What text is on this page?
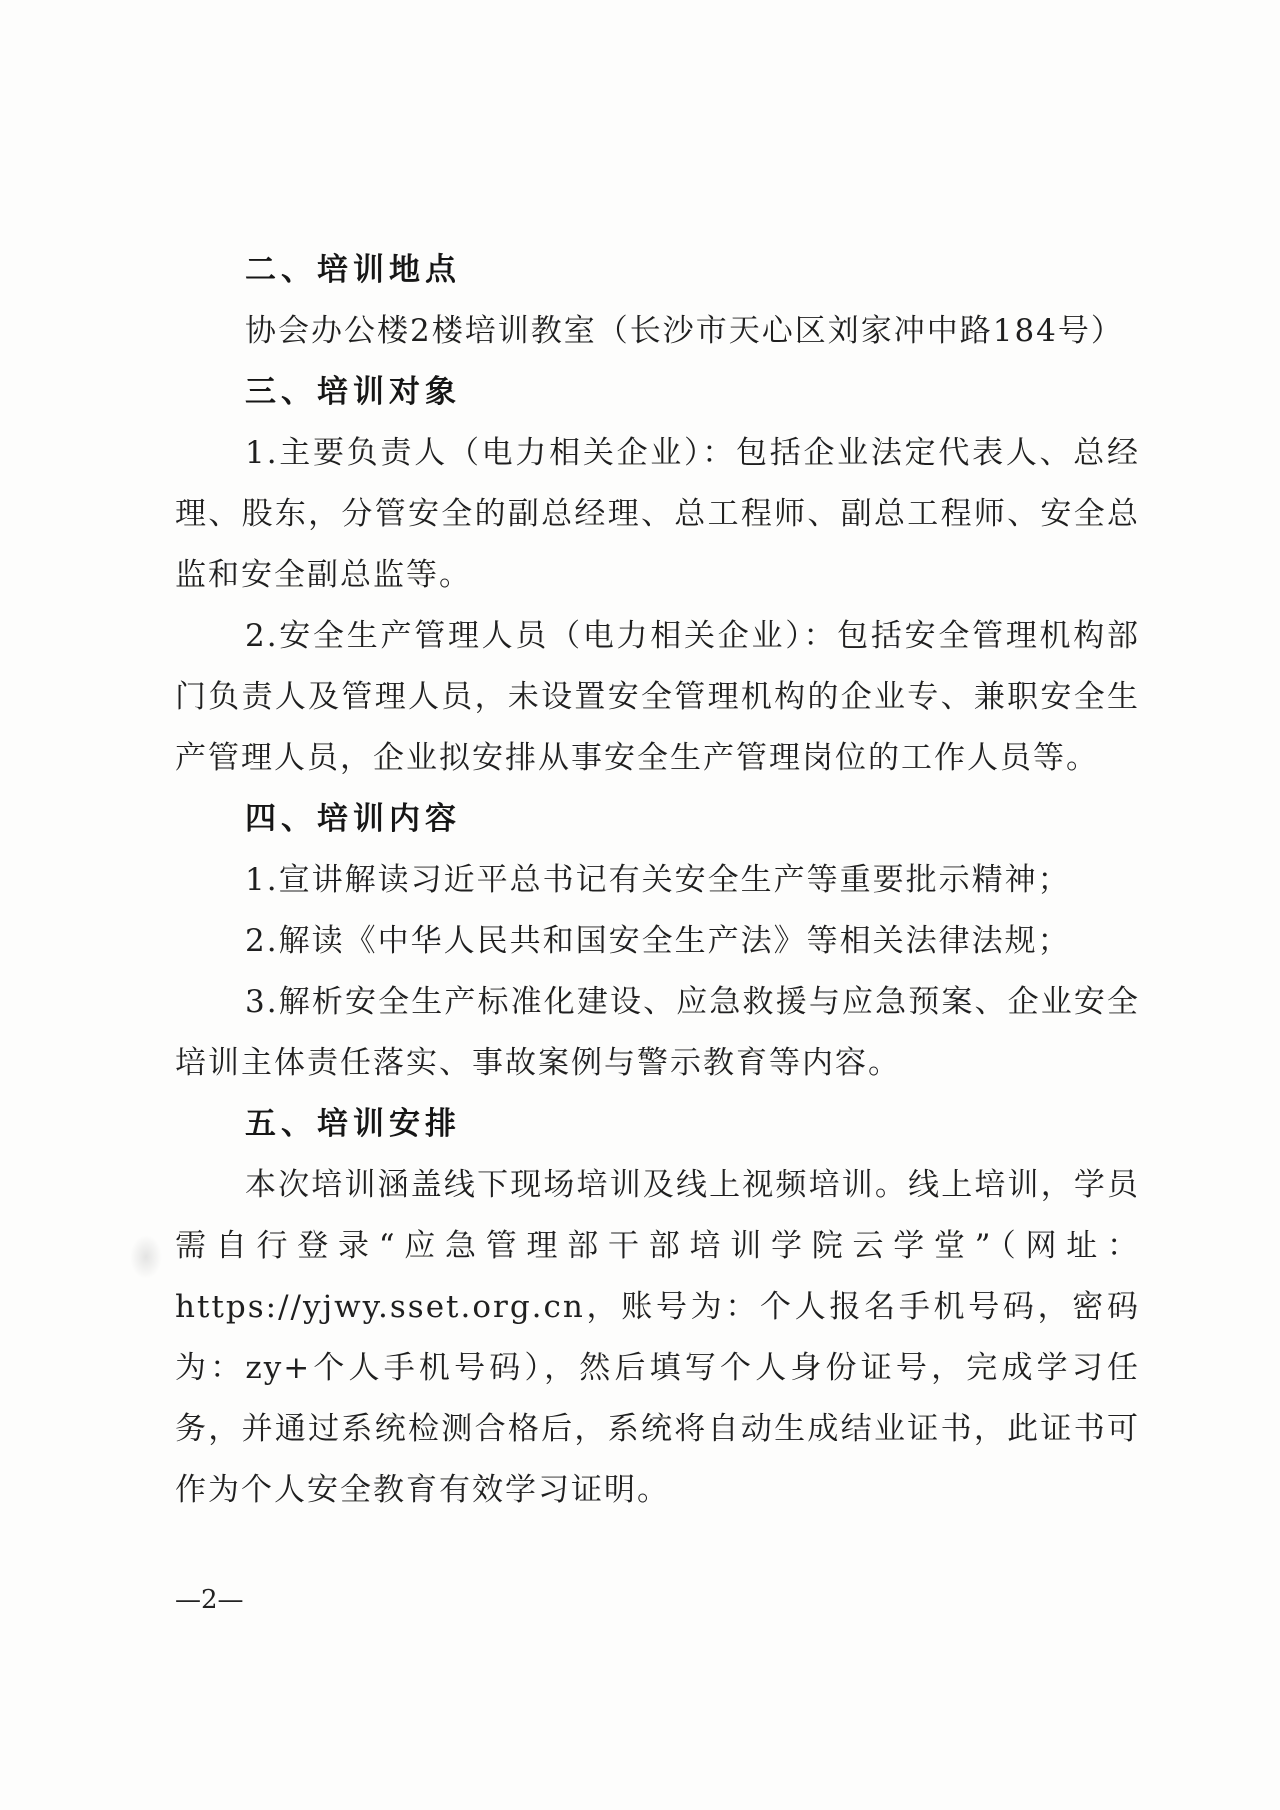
二、培训地点

协会办公楼2楼培训教室（长沙市天心区刘家冲中路184号）

三、培训对象

1.主要负责人（电力相关企业）：包括企业法定代表人、总经理、股东，分管安全的副总经理、总工程师、副总工程师、安全总监和安全副总监等。

2.安全生产管理人员（电力相关企业）：包括安全管理机构部门负责人及管理人员，未设置安全管理机构的企业专、兼职安全生产管理人员，企业拟安排从事安全生产管理岗位的工作人员等。

四、培训内容

1.宣讲解读习近平总书记有关安全生产等重要批示精神；

2.解读《中华人民共和国安全生产法》等相关法律法规；

3.解析安全生产标准化建设、应急救援与应急预案、企业安全培训主体责任落实、事故案例与警示教育等内容。

五、培训安排

本次培训涵盖线下现场培训及线上视频培训。线上培训，学员需自行登录“应急管理部干部培训学院云学堂”（网址：https://yjwy.sset.org.cn，账号为：个人报名手机号码，密码为：zy+个人手机号码），然后填写个人身份证号，完成学习任务，并通过系统检测合格后，系统将自动生成结业证书，此证书可作为个人安全教育有效学习证明。

—2—
